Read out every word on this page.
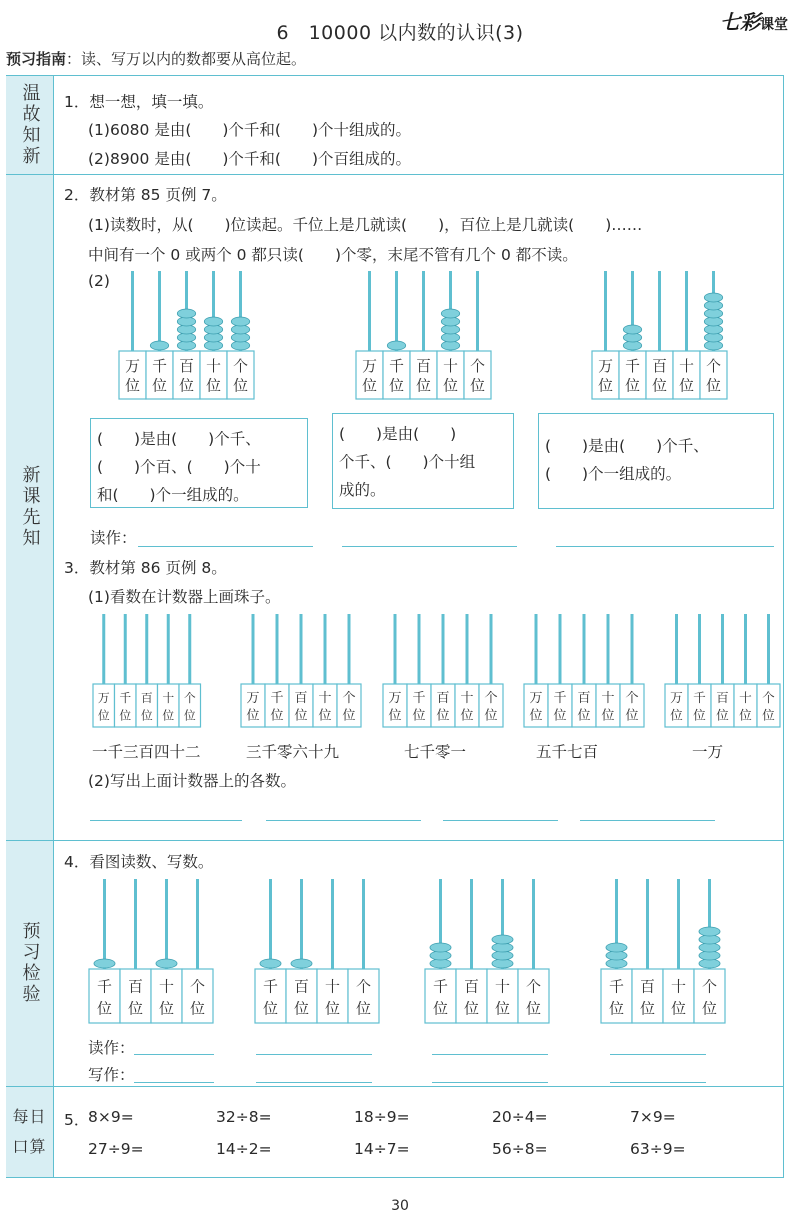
6　10000 以内数的认识(3)	七彩课堂
预习指南：读、写万以内的数都要从高位起。
温故知新
新课先知
预习检验
每日口算
1．想一想，填一填。
(1)6080 是由(　　)个千和(　　)个十组成的。
(2)8900 是由(　　)个千和(　　)个百组成的。
2．教材第 85 页例 7。
(1)读数时，从(　　)位读起。千位上是几就读(　　)，百位上是几就读(　　)……
中间有一个 0 或两个 0 都只读(　　)个零，末尾不管有几个 0 都不读。
(2)
万
位
千
位
百
位
十
位
个
位
万
位
千
位
百
位
十
位
个
位
万
位
千
位
百
位
十
位
个
位
(　　)是由(　　)个千、
(　　)个百、(　　)个十
和(　　)个一组成的。
(　　)是由(　　)
个千、(　　)个十组
成的。
(　　)是由(　　)个千、
(　　)个一组成的。
读作：
3．教材第 86 页例 8。
(1)看数在计数器上画珠子。
万
位
千
位
百
位
十
位
个
位
万
位
千
位
百
位
十
位
个
位
万
位
千
位
百
位
十
位
个
位
万
位
千
位
百
位
十
位
个
位
万
位
千
位
百
位
十
位
个
位
一千三百四十二	三千零六十九	七千零一	五千七百	一万
(2)写出上面计数器上的各数。
4．看图读数、写数。
千
位
百
位
十
位
个
位
千
位
百
位
十
位
个
位
千
位
百
位
十
位
个
位
千
位
百
位
十
位
个
位
读作：
写作：
5．
8×9=	32÷8=	18÷9=	20÷4=	7×9=
27÷9=	14÷2=	14÷7=	56÷8=	63÷9=
30
